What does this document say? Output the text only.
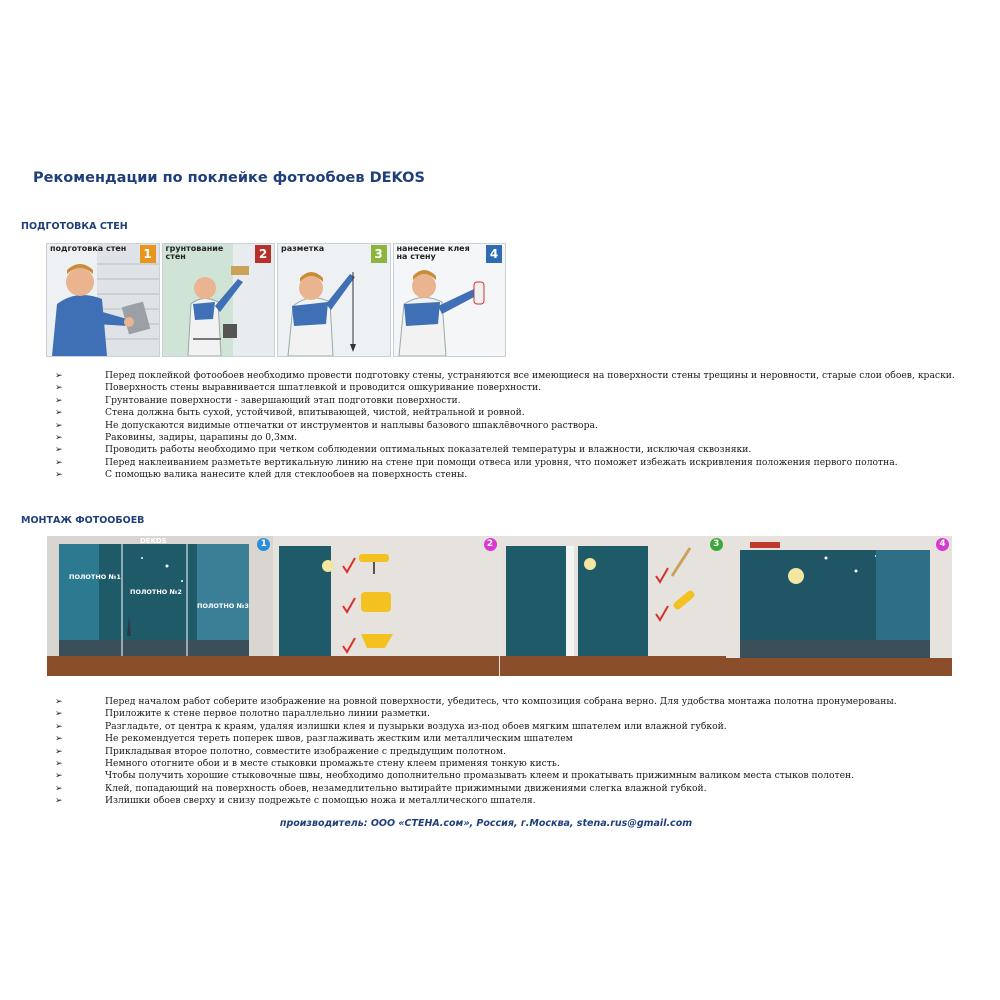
Рекомендации по поклейке фотообоев DEKOS
ПОДГОТОВКА СТЕН
подготовка стен	1	грунтование стен	2	разметка	3	нанесение клея на стену	4
➢	Перед поклейкой фотообоев необходимо провести подготовку стены, устраняются все имеющиеся на поверхности стены трещины и неровности, старые слои обоев, краски.
➢	Поверхность стены выравнивается шпатлевкой и проводится ошкуривание поверхности.
➢	Грунтование поверхности - завершающий этап подготовки поверхности.
➢	Стена должна быть сухой, устойчивой, впитывающей, чистой, нейтральной и ровной.
➢	Не допускаются видимые отпечатки от инструментов и наплывы базового шпаклёвочного раствора.
➢	Раковины, задиры, царапины до 0,3мм.
➢	Проводить работы необходимо при четком соблюдении оптимальных показателей температуры и влажности, исключая сквозняки.
➢	Перед наклеиванием разметьте вертикальную линию на стене при помощи отвеса или уровня, что поможет избежать искривления положения первого полотна.
➢	С помощью валика нанесите клей для стеклообоев на поверхность стены.
МОНТАЖ ФОТООБОЕВ
DEKOS
ПОЛОТНО №1
ПОЛОТНО №2
ПОЛОТНО №3
1	2	3	4
➢	Перед началом работ соберите изображение на ровной поверхности, убедитесь, что композиция собрана верно. Для удобства монтажа полотна пронумерованы.
➢	Приложите к стене первое полотно параллельно линии разметки.
➢	Разгладьте, от центра к краям, удаляя излишки клея и пузырьки воздуха из-под обоев мягким шпателем или влажной губкой.
➢	Не рекомендуется тереть поперек швов, разглаживать жестким или металлическим шпателем
➢	Прикладывая второе полотно, совместите изображение с предыдущим полотном.
➢	Немного отогните обои и в месте стыковки промажьте стену клеем применяя тонкую кисть.
➢	Чтобы получить хорошие стыковочные швы, необходимо дополнительно промазывать клеем и прокатывать прижимным валиком места стыков полотен.
➢	Клей, попадающий на поверхность обоев, незамедлительно вытирайте прижимными движениями слегка влажной губкой.
➢	Излишки обоев сверху и снизу подрежьте с помощью ножа и металлического шпателя.
производитель: ООО «СТЕНА.сом», Россия, г.Москва, stena.rus@gmail.com
